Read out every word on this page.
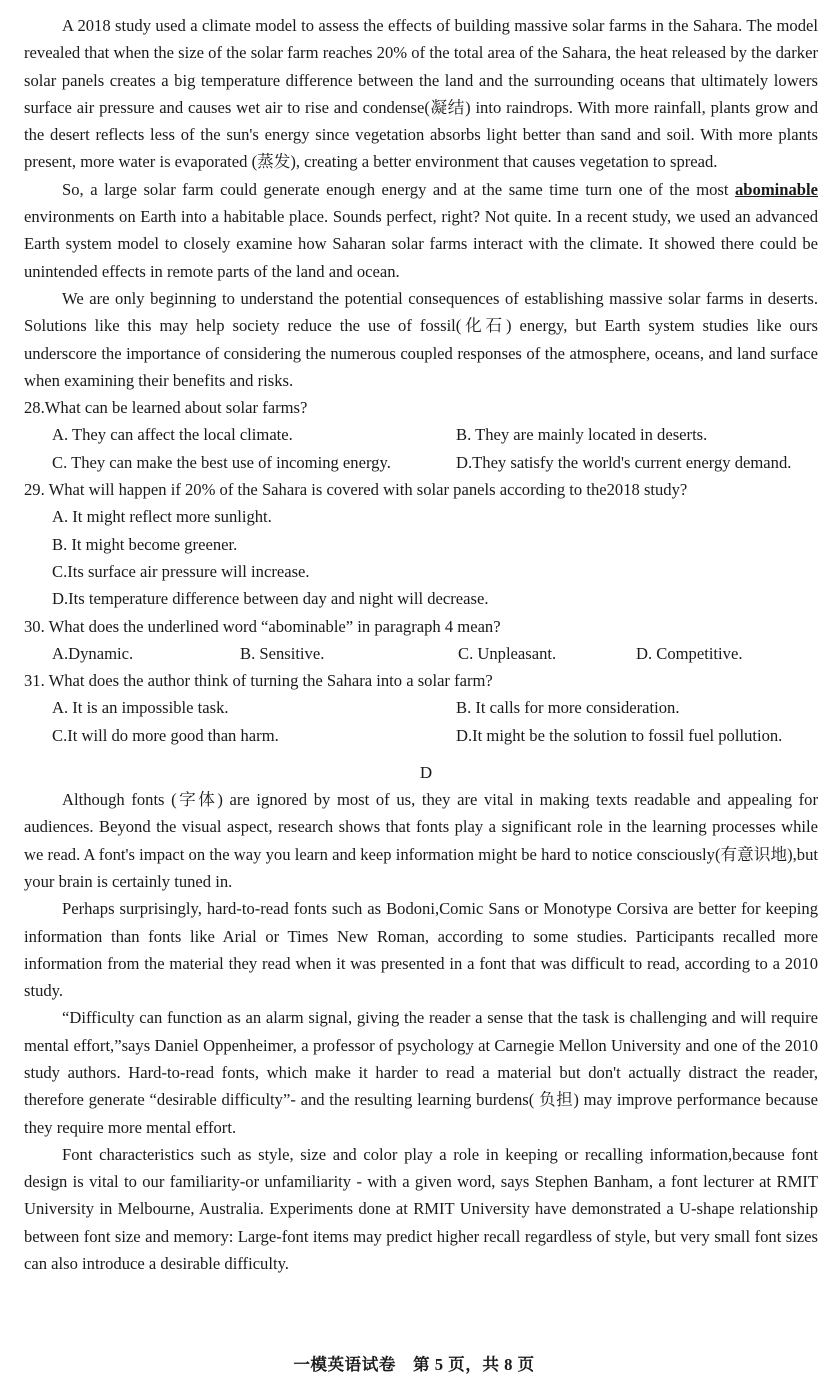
A 2018 study used a climate model to assess the effects of building massive solar farms in the Sahara. The model revealed that when the size of the solar farm reaches 20% of the total area of the Sahara, the heat released by the darker solar panels creates a big temperature difference between the land and the surrounding oceans that ultimately lowers surface air pressure and causes wet air to rise and condense(凝结) into raindrops. With more rainfall, plants grow and the desert reflects less of the sun's energy since vegetation absorbs light better than sand and soil. With more plants present, more water is evaporated (蒸发), creating a better environment that causes vegetation to spread.

So, a large solar farm could generate enough energy and at the same time turn one of the most abominable environments on Earth into a habitable place. Sounds perfect, right? Not quite. In a recent study, we used an advanced Earth system model to closely examine how Saharan solar farms interact with the climate. It showed there could be unintended effects in remote parts of the land and ocean.

We are only beginning to understand the potential consequences of establishing massive solar farms in deserts. Solutions like this may help society reduce the use of fossil(化石) energy, but Earth system studies like ours underscore the importance of considering the numerous coupled responses of the atmosphere, oceans, and land surface when examining their benefits and risks.

28.What can be learned about solar farms?
A. They can affect the local climate.	B. They are mainly located in deserts.
C. They can make the best use of incoming energy.	D.They satisfy the world's current energy demand.
29. What will happen if 20% of the Sahara is covered with solar panels according to the2018 study?
A. It might reflect more sunlight.
B. It might become greener.
C.Its surface air pressure will increase.
D.Its temperature difference between day and night will decrease.
30. What does the underlined word “abominable” in paragraph 4 mean?
A.Dynamic.	B. Sensitive.	C. Unpleasant.	D. Competitive.
31. What does the author think of turning the Sahara into a solar farm?
A. It is an impossible task.	B. It calls for more consideration.
C.It will do more good than harm.	D.It might be the solution to fossil fuel pollution.
D

Although fonts (字体) are ignored by most of us, they are vital in making texts readable and appealing for audiences. Beyond the visual aspect, research shows that fonts play a significant role in the learning processes while we read. A font's impact on the way you learn and keep information might be hard to notice consciously(有意识地),but your brain is certainly tuned in.

Perhaps surprisingly, hard-to-read fonts such as Bodoni,Comic Sans or Monotype Corsiva are better for keeping information than fonts like Arial or Times New Roman, according to some studies. Participants recalled more information from the material they read when it was presented in a font that was difficult to read, according to a 2010 study.

“Difficulty can function as an alarm signal, giving the reader a sense that the task is challenging and will require mental effort,”says Daniel Oppenheimer, a professor of psychology at Carnegie Mellon University and one of the 2010 study authors. Hard-to-read fonts, which make it harder to read a material but don't actually distract the reader, therefore generate “desirable difficulty”- and the resulting learning burdens( 负担) may improve performance because they require more mental effort.

Font characteristics such as style, size and color play a role in keeping or recalling information,because font design is vital to our familiarity-or unfamiliarity - with a given word, says Stephen Banham, a font lecturer at RMIT University in Melbourne, Australia. Experiments done at RMIT University have demonstrated a U-shape relationship between font size and memory: Large-font items may predict higher recall regardless of style, but very small font sizes can also introduce a desirable difficulty.

一模英语试卷　第 5 页，共 8 页
